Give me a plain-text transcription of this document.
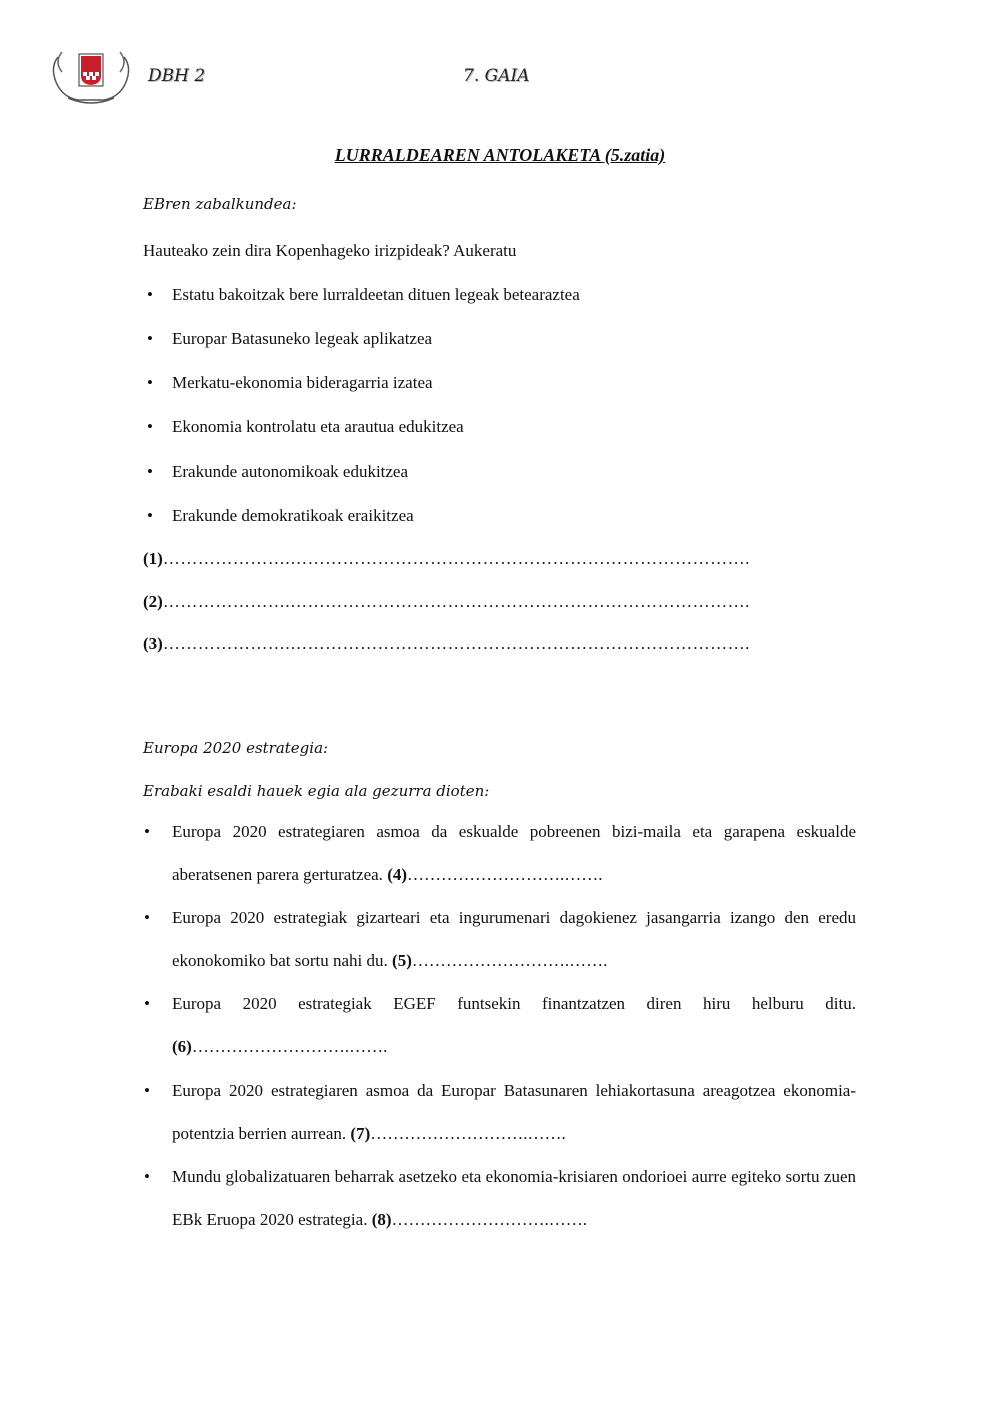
DBH 2	7. GAIA
LURRALDEAREN ANTOLAKETA (5.zatia)
EBren zabalkundea:
Hauteako zein dira Kopenhageko irizpideak? Aukeratu
• Estatu bakoitzak bere lurraldeetan dituen legeak betearaztea
• Europar Batasuneko legeak aplikatzea
• Merkatu-ekonomia bideragarria izatea
• Ekonomia kontrolatu eta arautua edukitzea
• Erakunde autonomikoak edukitzea
• Erakunde demokratikoak eraikitzea
(1)………………….…………………………………………………………………….
(2)………………….…………………………………………………………………….
(3)………………….…………………………………………………………………….
Europa 2020 estrategia:
Erabaki esaldi hauek egia ala gezurra dioten:
• Europa 2020 estrategiaren asmoa da eskualde pobreenen bizi-maila eta garapena eskualde aberatsenen parera gerturatzea. (4)……………………….…….
• Europa 2020 estrategiak gizarteari eta ingurumenari dagokienez jasangarria izango den eredu ekonokomiko bat sortu nahi du. (5)……………………….…….
• Europa 2020 estrategiak EGEF funtsekin finantzatzen diren hiru helburu ditu. (6)……………………….…….
• Europa 2020 estrategiaren asmoa da Europar Batasunaren lehiakortasuna areagotzea ekonomia-potentzia berrien aurrean. (7)……………………….…….
• Mundu globalizatuaren beharrak asetzeko eta ekonomia-krisiaren ondorioei aurre egiteko sortu zuen EBk Eruopa 2020 estrategia. (8)……………………….…….
